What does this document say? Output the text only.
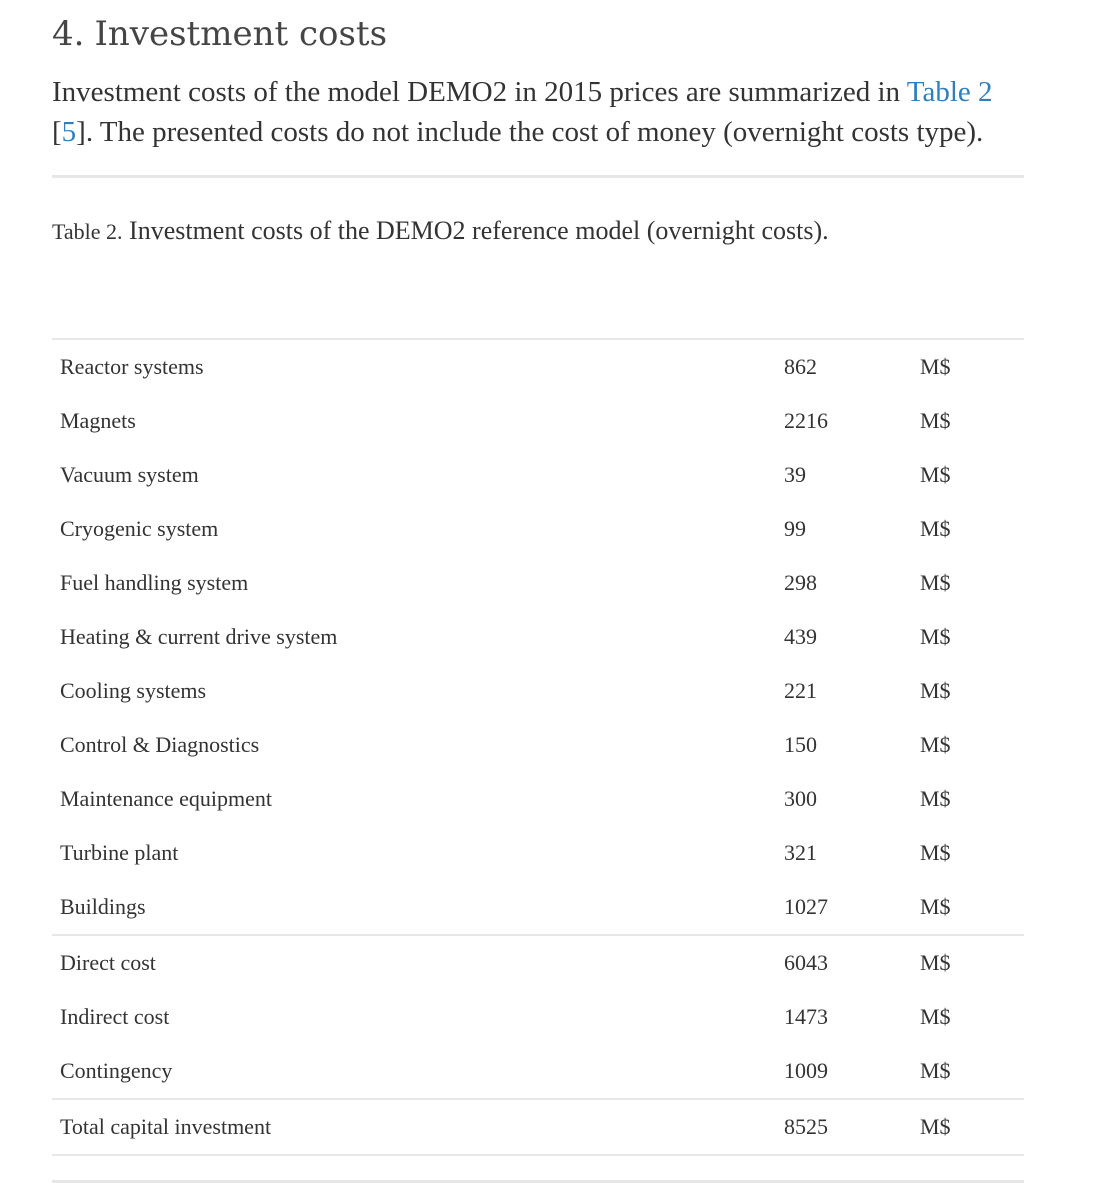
4. Investment costs

Investment costs of the model DEMO2 in 2015 prices are summarized in Table 2 [5]. The presented costs do not include the cost of money (overnight costs type).

Table 2. Investment costs of the DEMO2 reference model (overnight costs).
Reactor systems	862	M$
Magnets	2216	M$
Vacuum system	39	M$
Cryogenic system	99	M$
Fuel handling system	298	M$
Heating & current drive system	439	M$
Cooling systems	221	M$
Control & Diagnostics	150	M$
Maintenance equipment	300	M$
Turbine plant	321	M$
Buildings	1027	M$
Direct cost	6043	M$
Indirect cost	1473	M$
Contingency	1009	M$
Total capital investment	8525	M$
